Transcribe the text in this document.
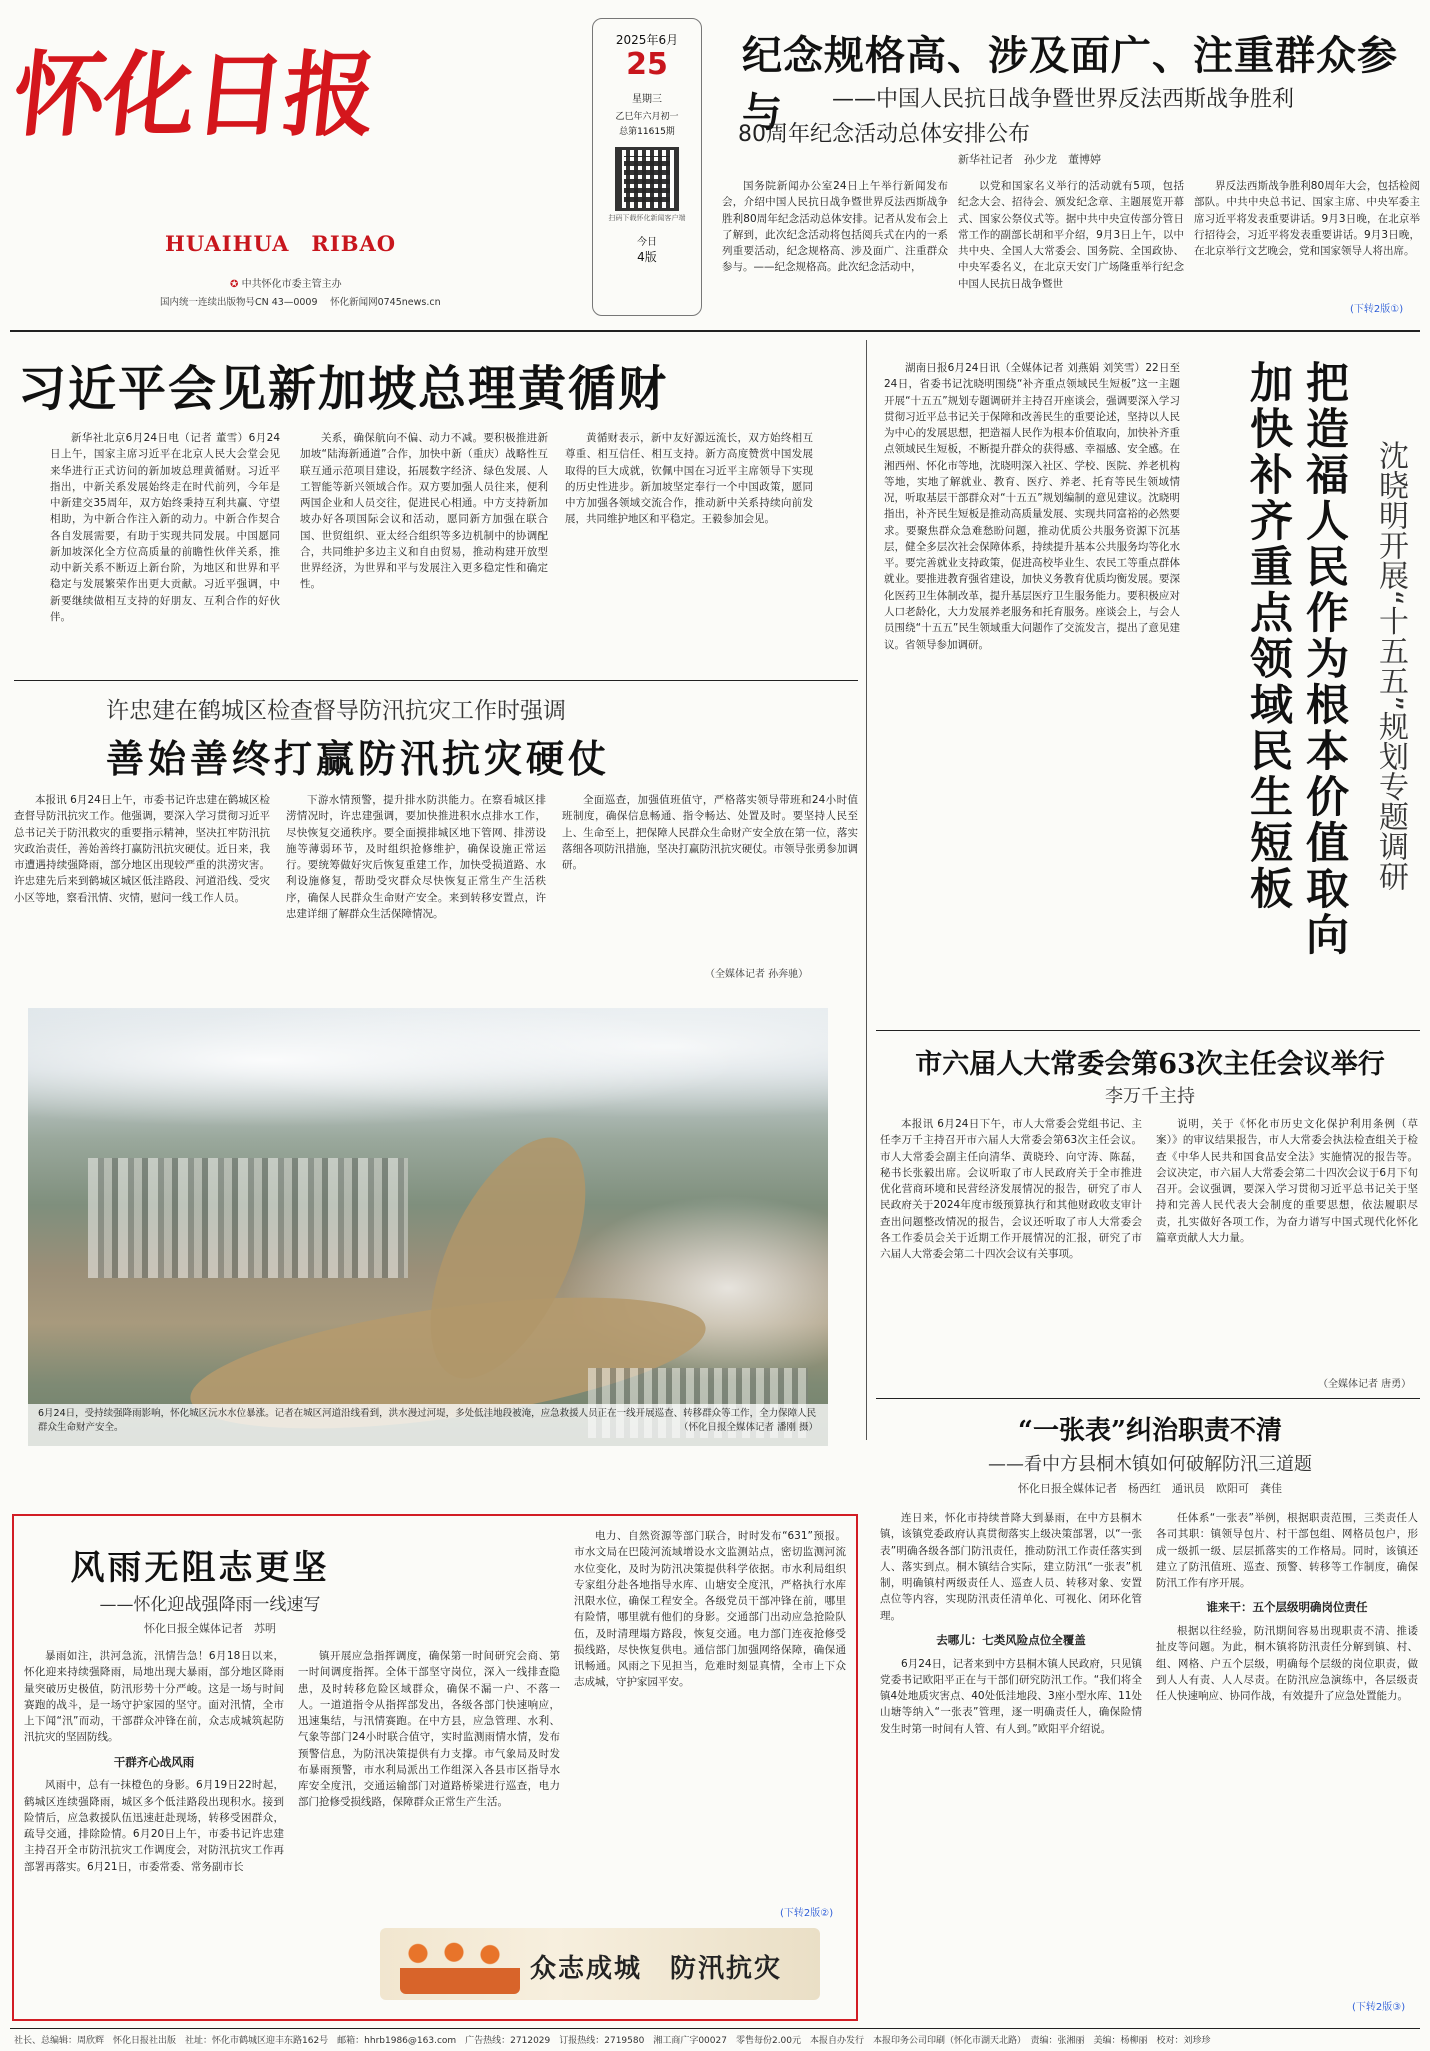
怀化日报
HUAIHUA　RIBAO
✪ 中共怀化市委主管主办
国内统一连续出版物号CN 43—0009　 怀化新闻网0745news.cn
2025年6月
25
星期三
乙巳年六月初一
总第11615期
扫码下载怀化新闻客户端
今日
4版
纪念规格高、涉及面广、注重群众参与	——中国人民抗日战争暨世界反法西斯战争胜利
80周年纪念活动总体安排公布
新华社记者　孙少龙　董博婷

国务院新闻办公室24日上午举行新闻发布会，介绍中国人民抗日战争暨世界反法西斯战争胜利80周年纪念活动总体安排。记者从发布会上了解到，此次纪念活动将包括阅兵式在内的一系列重要活动，纪念规格高、涉及面广、注重群众参与。——纪念规格高。此次纪念活动中，

以党和国家名义举行的活动就有5项，包括纪念大会、招待会、颁发纪念章、主题展览开幕式、国家公祭仪式等。据中共中央宣传部分管日常工作的副部长胡和平介绍，9月3日上午，以中共中央、全国人大常委会、国务院、全国政协、中央军委名义，在北京天安门广场隆重举行纪念中国人民抗日战争暨世

界反法西斯战争胜利80周年大会，包括检阅部队。中共中央总书记、国家主席、中央军委主席习近平将发表重要讲话。9月3日晚，在北京举行招待会，习近平将发表重要讲话。9月3日晚，在北京举行文艺晚会，党和国家领导人将出席。

(下转2版①)
习近平会见新加坡总理黄循财

新华社北京6月24日电（记者 董雪）6月24日上午，国家主席习近平在北京人民大会堂会见来华进行正式访问的新加坡总理黄循财。习近平指出，中新关系发展始终走在时代前列，今年是中新建交35周年，双方始终秉持互利共赢、守望相助，为中新合作注入新的动力。中新合作契合各自发展需要，有助于实现共同发展。中国愿同新加坡深化全方位高质量的前瞻性伙伴关系，推动中新关系不断迈上新台阶，为地区和世界和平稳定与发展繁荣作出更大贡献。习近平强调，中新要继续做相互支持的好朋友、互利合作的好伙伴。

关系，确保航向不偏、动力不减。要积极推进新加坡“陆海新通道”合作，加快中新（重庆）战略性互联互通示范项目建设，拓展数字经济、绿色发展、人工智能等新兴领域合作。双方要加强人员往来，便利两国企业和人员交往，促进民心相通。中方支持新加坡办好各项国际会议和活动，愿同新方加强在联合国、世贸组织、亚太经合组织等多边机制中的协调配合，共同维护多边主义和自由贸易，推动构建开放型世界经济，为世界和平与发展注入更多稳定性和确定性。

黄循财表示，新中友好源远流长，双方始终相互尊重、相互信任、相互支持。新方高度赞赏中国发展取得的巨大成就，钦佩中国在习近平主席领导下实现的历史性进步。新加坡坚定奉行一个中国政策，愿同中方加强各领域交流合作，推动新中关系持续向前发展，共同维护地区和平稳定。王毅参加会见。

许忠建在鹤城区检查督导防汛抗灾工作时强调
善始善终打赢防汛抗灾硬仗

本报讯 6月24日上午，市委书记许忠建在鹤城区检查督导防汛抗灾工作。他强调，要深入学习贯彻习近平总书记关于防汛救灾的重要指示精神，坚决扛牢防汛抗灾政治责任，善始善终打赢防汛抗灾硬仗。近日来，我市遭遇持续强降雨，部分地区出现较严重的洪涝灾害。许忠建先后来到鹤城区城区低洼路段、河道沿线、受灾小区等地，察看汛情、灾情，慰问一线工作人员。

下游水情预警，提升排水防洪能力。在察看城区排涝情况时，许忠建强调，要加快推进积水点排水工作，尽快恢复交通秩序。要全面摸排城区地下管网、排涝设施等薄弱环节，及时组织抢修维护，确保设施正常运行。要统筹做好灾后恢复重建工作，加快受损道路、水利设施修复，帮助受灾群众尽快恢复正常生产生活秩序，确保人民群众生命财产安全。来到转移安置点，许忠建详细了解群众生活保障情况。

全面巡查，加强值班值守，严格落实领导带班和24小时值班制度，确保信息畅通、指令畅达、处置及时。要坚持人民至上、生命至上，把保障人民群众生命财产安全放在第一位，落实落细各项防汛措施，坚决打赢防汛抗灾硬仗。市领导张勇参加调研。

（全媒体记者 孙奔驰）
6月24日，受持续强降雨影响，怀化城区沅水水位暴涨。记者在城区河道沿线看到，洪水漫过河堤，多处低洼地段被淹，应急救援人员正在一线开展巡查、转移群众等工作，全力保障人民群众生命财产安全。	（怀化日报全媒体记者 潘刚 摄）

湖南日报6月24日讯（全媒体记者 刘燕娟 刘笑雪）22日至24日，省委书记沈晓明围绕“补齐重点领域民生短板”这一主题开展“十五五”规划专题调研并主持召开座谈会，强调要深入学习贯彻习近平总书记关于保障和改善民生的重要论述，坚持以人民为中心的发展思想，把造福人民作为根本价值取向，加快补齐重点领域民生短板，不断提升群众的获得感、幸福感、安全感。在湘西州、怀化市等地，沈晓明深入社区、学校、医院、养老机构等地，实地了解就业、教育、医疗、养老、托育等民生领域情况，听取基层干部群众对“十五五”规划编制的意见建议。沈晓明指出，补齐民生短板是推动高质量发展、实现共同富裕的必然要求。要聚焦群众急难愁盼问题，推动优质公共服务资源下沉基层，健全多层次社会保障体系，持续提升基本公共服务均等化水平。要完善就业支持政策，促进高校毕业生、农民工等重点群体就业。要推进教育强省建设，加快义务教育优质均衡发展。要深化医药卫生体制改革，提升基层医疗卫生服务能力。要积极应对人口老龄化，大力发展养老服务和托育服务。座谈会上，与会人员围绕“十五五”民生领域重大问题作了交流发言，提出了意见建议。省领导参加调研。	把造福人民作为根本价值取向 加快补齐重点领域民生短板	沈晓明开展“十五五”规划专题调研
市六届人大常委会第63次主任会议举行
李万千主持

本报讯 6月24日下午，市人大常委会党组书记、主任李万千主持召开市六届人大常委会第63次主任会议。市人大常委会副主任向清华、黄晓玲、向守涛、陈磊，秘书长张毅出席。会议听取了市人民政府关于全市推进优化营商环境和民营经济发展情况的报告，研究了市人民政府关于2024年度市级预算执行和其他财政收支审计查出问题整改情况的报告，会议还听取了市人大常委会各工作委员会关于近期工作开展情况的汇报，研究了市六届人大常委会第二十四次会议有关事项。

说明，关于《怀化市历史文化保护利用条例（草案）》的审议结果报告，市人大常委会执法检查组关于检查《中华人民共和国食品安全法》实施情况的报告等。会议决定，市六届人大常委会第二十四次会议于6月下旬召开。会议强调，要深入学习贯彻习近平总书记关于坚持和完善人民代表大会制度的重要思想，依法履职尽责，扎实做好各项工作，为奋力谱写中国式现代化怀化篇章贡献人大力量。

（全媒体记者 唐勇）
“一张表”纠治职责不清
——看中方县桐木镇如何破解防汛三道题
怀化日报全媒体记者　杨西红　通讯员　欧阳可　龚佳

连日来，怀化市持续普降大到暴雨，在中方县桐木镇，该镇党委政府认真贯彻落实上级决策部署，以“一张表”明确各级各部门防汛责任，推动防汛工作责任落实到人、落实到点。桐木镇结合实际，建立防汛“一张表”机制，明确镇村两级责任人、巡查人员、转移对象、安置点位等内容，实现防汛责任清单化、可视化、闭环化管理。

去哪儿：七类风险点位全覆盖

6月24日，记者来到中方县桐木镇人民政府，只见镇党委书记欧阳平正在与干部们研究防汛工作。“我们将全镇4处地质灾害点、40处低洼地段、3座小型水库、11处山塘等纳入“一张表”管理，逐一明确责任人，确保险情发生时第一时间有人管、有人到。”欧阳平介绍说。

任体系“一张表”举例，根据职责范围，三类责任人各司其职：镇领导包片、村干部包组、网格员包户，形成一级抓一级、层层抓落实的工作格局。同时，该镇还建立了防汛值班、巡查、预警、转移等工作制度，确保防汛工作有序开展。

谁来干：五个层级明确岗位责任

根据以往经验，防汛期间容易出现职责不清、推诿扯皮等问题。为此，桐木镇将防汛责任分解到镇、村、组、网格、户五个层级，明确每个层级的岗位职责，做到人人有责、人人尽责。在防汛应急演练中，各层级责任人快速响应、协同作战，有效提升了应急处置能力。

(下转2版③)
风雨无阻志更坚
——怀化迎战强降雨一线速写
怀化日报全媒体记者　苏明

暴雨如注，洪河急流，汛情告急！6月18日以来，怀化迎来持续强降雨，局地出现大暴雨，部分地区降雨量突破历史极值，防汛形势十分严峻。这是一场与时间赛跑的战斗，是一场守护家园的坚守。面对汛情，全市上下闻“汛”而动，干部群众冲锋在前，众志成城筑起防汛抗灾的坚固防线。

干群齐心战风雨

风雨中，总有一抹橙色的身影。6月19日22时起，鹤城区连续强降雨，城区多个低洼路段出现积水。接到险情后，应急救援队伍迅速赶赴现场，转移受困群众，疏导交通，排除险情。6月20日上午，市委书记许忠建主持召开全市防汛抗灾工作调度会，对防汛抗灾工作再部署再落实。6月21日，市委常委、常务副市长

镇开展应急指挥调度，确保第一时间研究会商、第一时间调度指挥。全体干部坚守岗位，深入一线排查隐患，及时转移危险区域群众，确保不漏一户、不落一人。一道道指令从指挥部发出，各级各部门快速响应，迅速集结，与汛情赛跑。在中方县，应急管理、水利、气象等部门24小时联合值守，实时监测雨情水情，发布预警信息，为防汛决策提供有力支撑。市气象局及时发布暴雨预警，市水利局派出工作组深入各县市区指导水库安全度汛，交通运输部门对道路桥梁进行巡查，电力部门抢修受损线路，保障群众正常生产生活。

电力、自然资源等部门联合，时时发布“631”预报。市水文局在巴陵河流域增设水文监测站点，密切监测河流水位变化，及时为防汛决策提供科学依据。市水利局组织专家组分赴各地指导水库、山塘安全度汛，严格执行水库汛限水位，确保工程安全。各级党员干部冲锋在前，哪里有险情，哪里就有他们的身影。交通部门出动应急抢险队伍，及时清理塌方路段，恢复交通。电力部门连夜抢修受损线路，尽快恢复供电。通信部门加强网络保障，确保通讯畅通。风雨之下见担当，危难时刻显真情，全市上下众志成城，守护家园平安。

(下转2版②)
众志成城　防汛抗灾
社长、总编辑：周欣辉　怀化日报社出版　社址：怀化市鹤城区迎丰东路162号　邮箱：hhrb1986@163.com　广告热线：2712029　订报热线：2719580　湘工商广字00027　零售每份2.00元　本报自办发行　本报印务公司印刷（怀化市湖天北路）　责编：张湘丽　美编：杨柳丽　校对：刘珍珍
